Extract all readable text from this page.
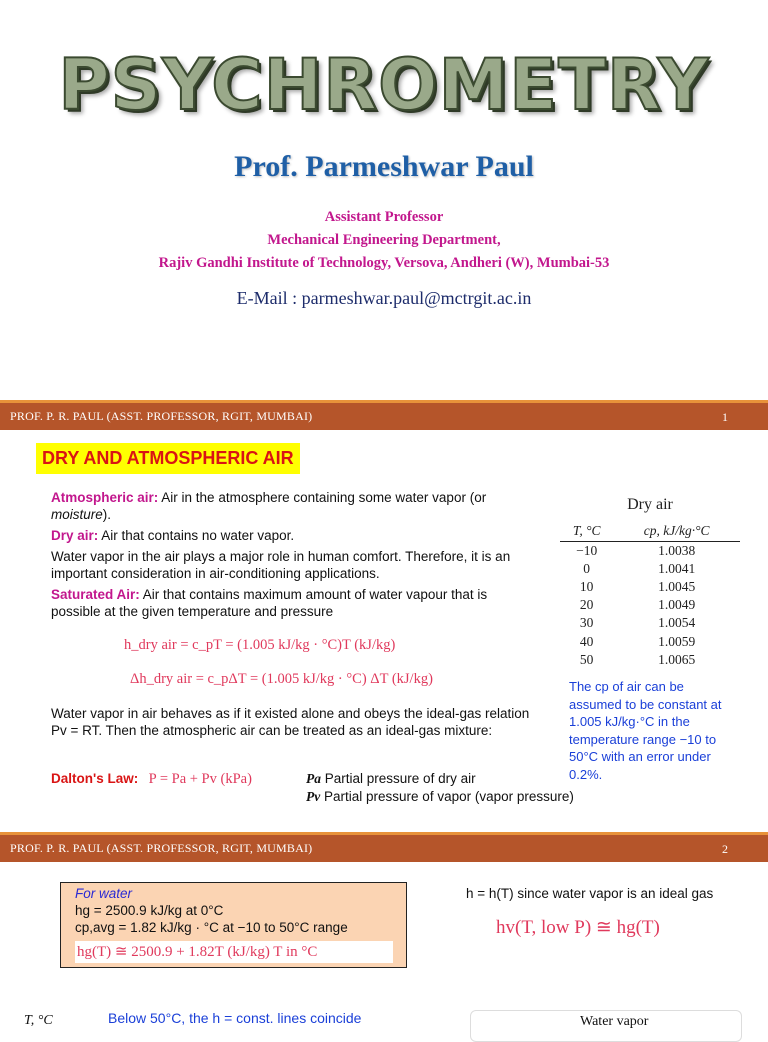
PSYCHROMETRY
Prof. Parmeshwar Paul
Assistant Professor
Mechanical Engineering Department,
Rajiv Gandhi Institute of Technology, Versova, Andheri (W), Mumbai-53
E-Mail : parmeshwar.paul@mctrgit.ac.in
PROF. P. R. PAUL (ASST. PROFESSOR, RGIT, MUMBAI)	1
DRY AND ATMOSPHERIC AIR
Atmospheric air: Air in the atmosphere containing some water vapor (or moisture).
Dry air: Air that contains no water vapor.
Water vapor in the air plays a major role in human comfort. Therefore, it is an important consideration in air-conditioning applications.
Saturated Air: Air that contains maximum amount of water vapour that is possible at the given temperature and pressure
h_dry air = c_pT = (1.005 kJ/kg · °C)T (kJ/kg)
Δh_dry air = c_pΔT = (1.005 kJ/kg · °C) ΔT (kJ/kg)
Water vapor in air behaves as if it existed alone and obeys the ideal-gas relation Pv = RT. Then the atmospheric air can be treated as an ideal-gas mixture:
Dalton's Law: P = Pa + Pv (kPa)	Pa Partial pressure of dry air
Pv Partial pressure of vapor (vapor pressure)
Dry air
T, °C	cp, kJ/kg·°C
−10	1.0038
0	1.0041
10	1.0045
20	1.0049
30	1.0054
40	1.0059
50	1.0065
The cp of air can be assumed to be constant at 1.005 kJ/kg·°C in the temperature range −10 to 50°C with an error under 0.2%.
PROF. P. R. PAUL (ASST. PROFESSOR, RGIT, MUMBAI)	2
For water
hg = 2500.9 kJ/kg at 0°C
cp,avg = 1.82 kJ/kg · °C at −10 to 50°C range
hg(T) ≅ 2500.9 + 1.82T (kJ/kg) T in °C
h = h(T) since water vapor is an ideal gas
hv(T, low P) ≅ hg(T)
T, °C	Below 50°C, the h = const. lines coincide	Water vapor
